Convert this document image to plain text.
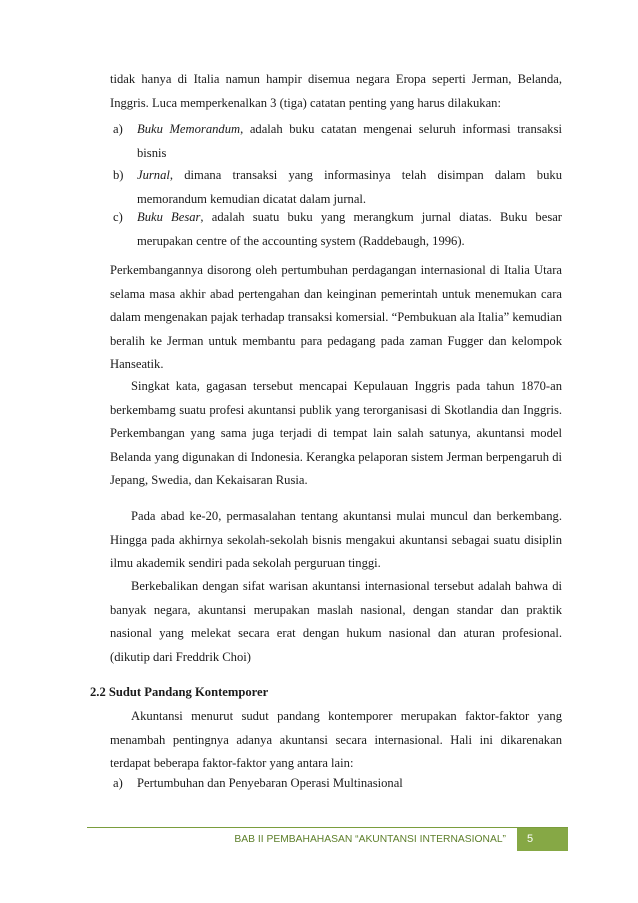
tidak hanya di Italia namun hampir disemua negara Eropa seperti Jerman, Belanda, Inggris. Luca memperkenalkan 3 (tiga) catatan penting yang harus dilakukan:

a) Buku Memorandum, adalah buku catatan mengenai seluruh informasi transaksi bisnis
b) Jurnal, dimana transaksi yang informasinya telah disimpan dalam buku memorandum kemudian dicatat dalam jurnal.
c) Buku Besar, adalah suatu buku yang merangkum jurnal diatas. Buku besar merupakan centre of the accounting system (Raddebaugh, 1996).

Perkembangannya disorong oleh pertumbuhan perdagangan internasional di Italia Utara selama masa akhir abad pertengahan dan keinginan pemerintah untuk menemukan cara dalam mengenakan pajak terhadap transaksi komersial. “Pembukuan ala Italia” kemudian beralih ke Jerman untuk membantu para pedagang pada zaman Fugger dan kelompok Hanseatik.

Singkat kata, gagasan tersebut mencapai Kepulauan Inggris pada tahun 1870-an berkembamg suatu profesi akuntansi publik yang terorganisasi di Skotlandia dan Inggris. Perkembangan yang sama juga terjadi di tempat lain salah satunya, akuntansi model Belanda yang digunakan di Indonesia. Kerangka pelaporan sistem Jerman berpengaruh di Jepang, Swedia, dan Kekaisaran Rusia.

Pada abad ke-20, permasalahan tentang akuntansi mulai muncul dan berkembang. Hingga pada akhirnya sekolah-sekolah bisnis mengakui akuntansi sebagai suatu disiplin ilmu akademik sendiri pada sekolah perguruan tinggi.

Berkebalikan dengan sifat warisan akuntansi internasional tersebut adalah bahwa di banyak negara, akuntansi merupakan maslah nasional, dengan standar dan praktik nasional yang melekat secara erat dengan hukum nasional dan aturan profesional. (dikutip dari Freddrik Choi)

2.2 Sudut Pandang Kontemporer

Akuntansi menurut sudut pandang kontemporer merupakan faktor-faktor yang menambah pentingnya adanya akuntansi secara internasional. Hali ini dikarenakan terdapat beberapa faktor-faktor yang antara lain:

a) Pertumbuhan dan Penyebaran Operasi Multinasional
BAB II PEMBAHAHASAN “AKUNTANSI INTERNASIONAL”	5
